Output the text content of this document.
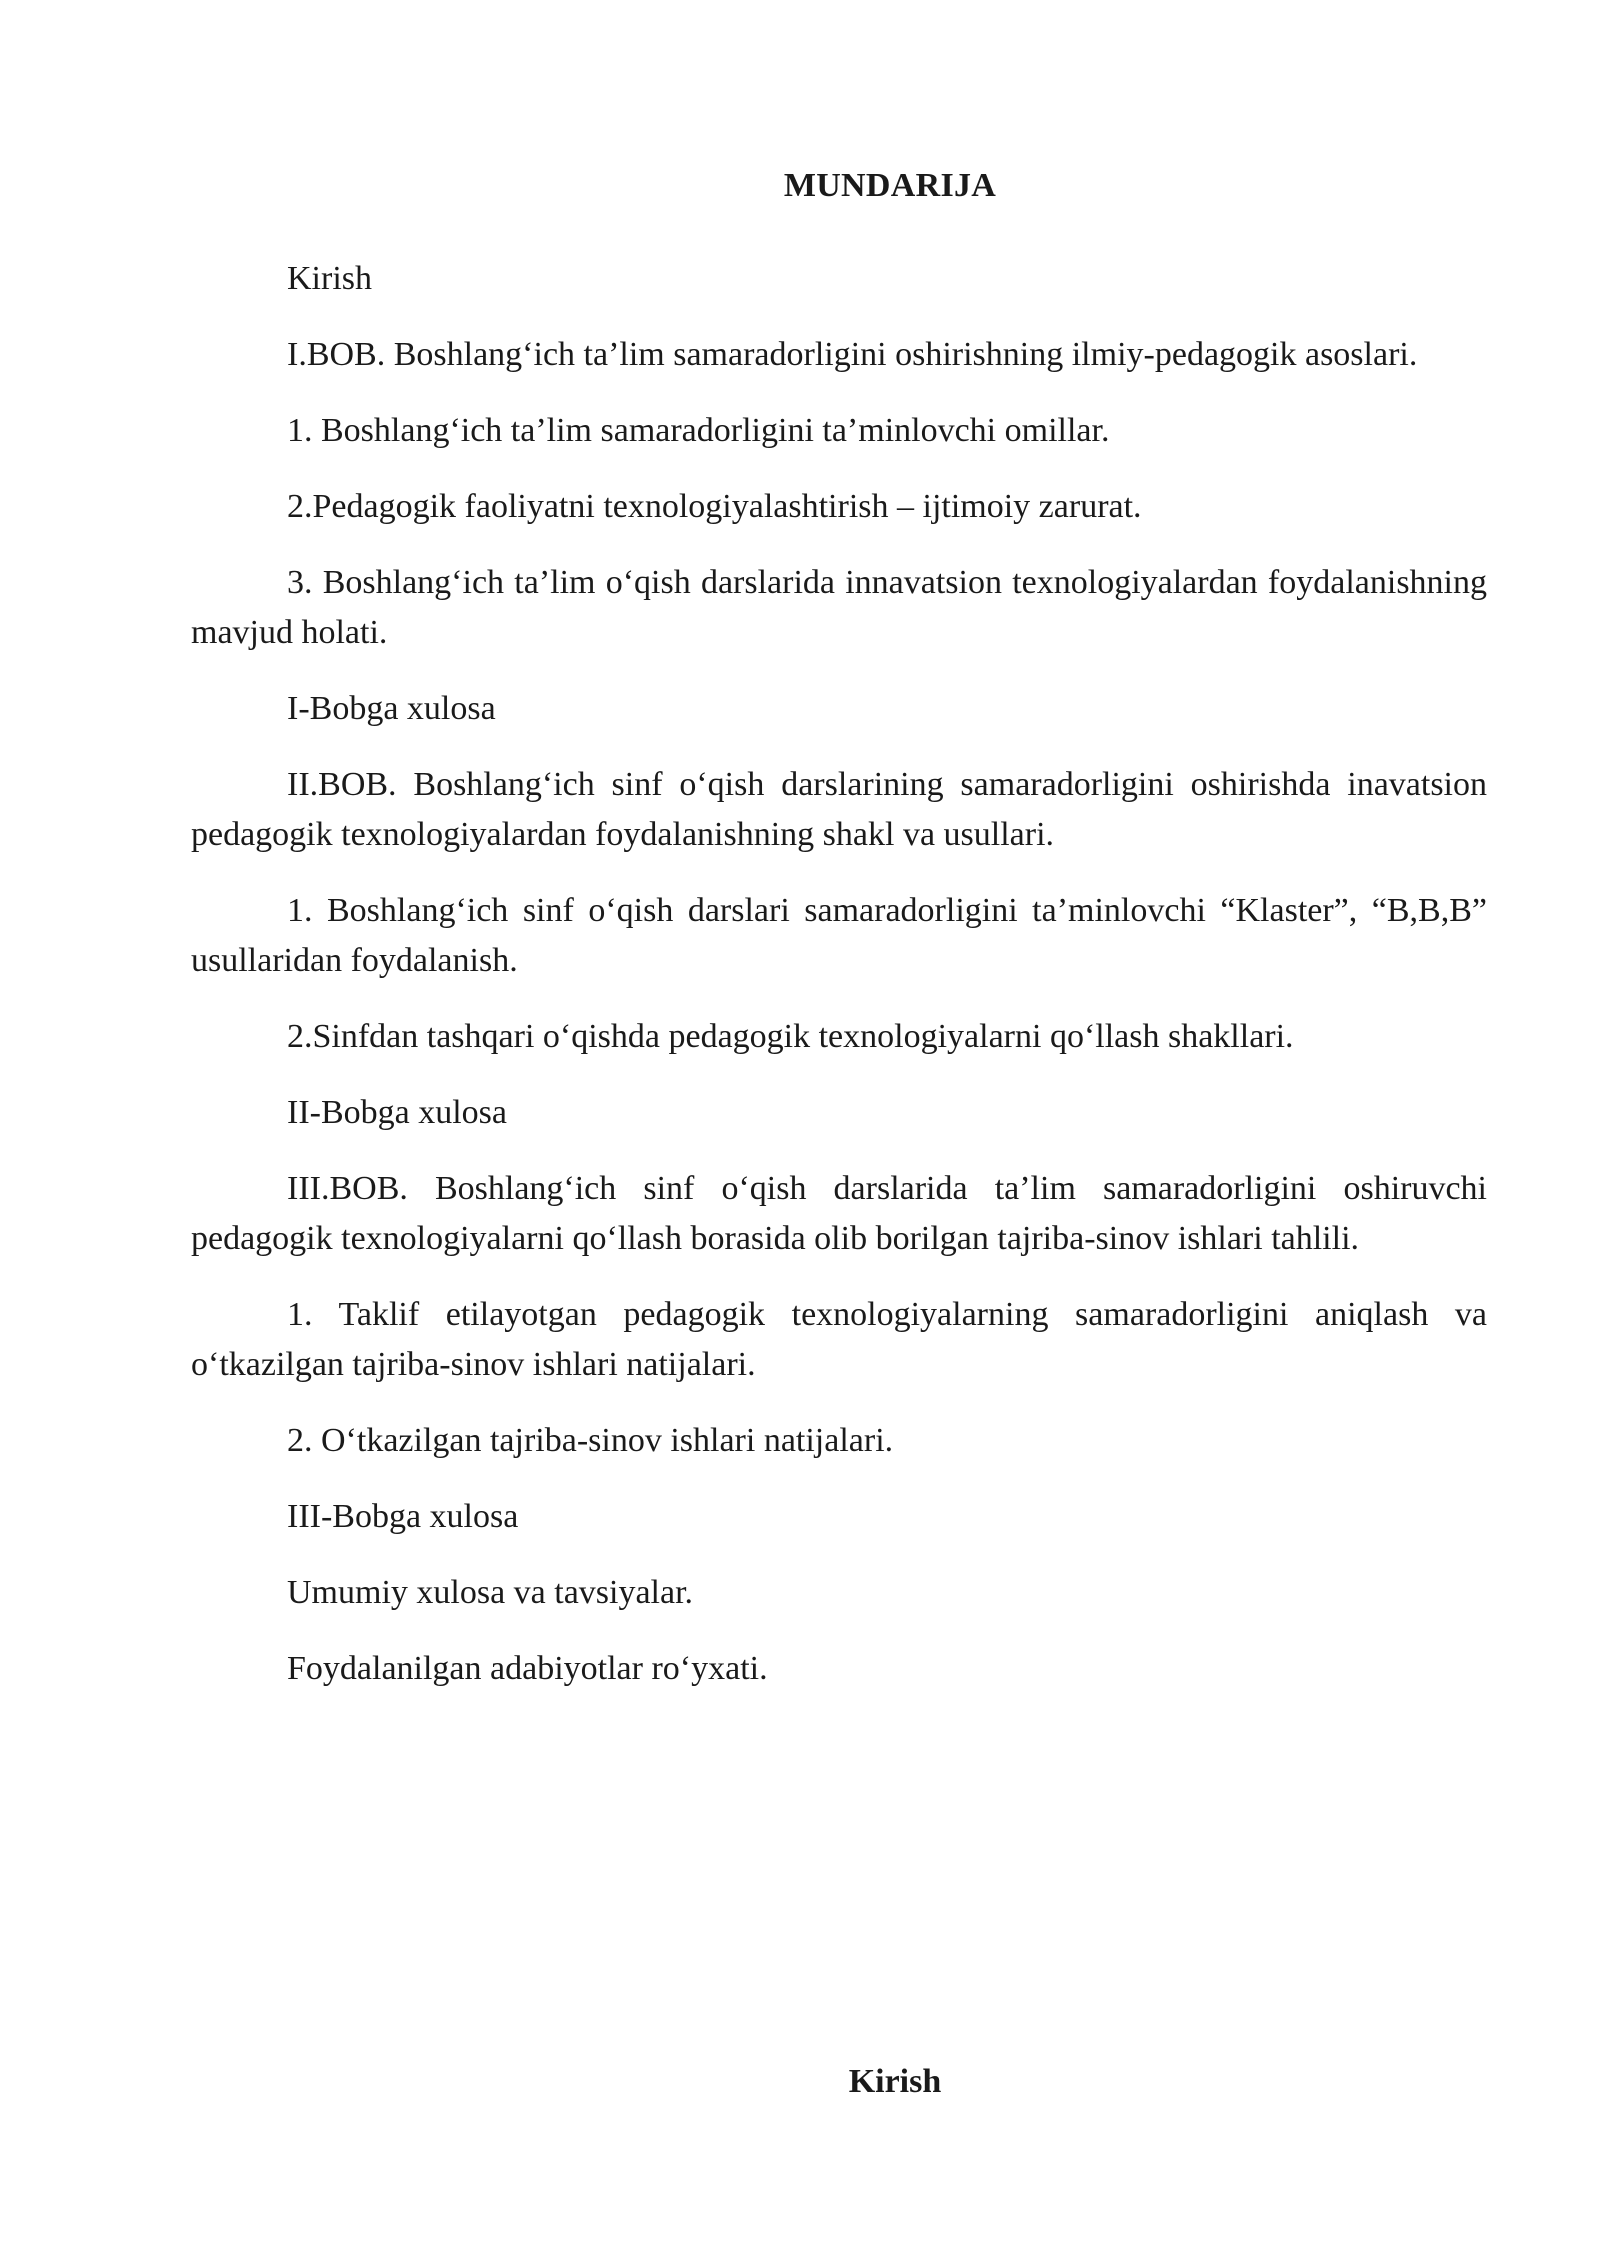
MUNDARIJA

Kirish

I.BOB. Boshlang‘ich ta’lim samaradorligini oshirishning ilmiy-pedagogik asoslari.

1. Boshlang‘ich ta’lim samaradorligini ta’minlovchi omillar.

2.Pedagogik faoliyatni texnologiyalashtirish – ijtimoiy zarurat.

3. Boshlang‘ich ta’lim o‘qish darslarida innavatsion texnologiyalardan foydalanishning mavjud holati.

I-Bobga xulosa

II.BOB. Boshlang‘ich sinf o‘qish darslarining samaradorligini oshirishda inavatsion pedagogik texnologiyalardan foydalanishning shakl va usullari.

1. Boshlang‘ich sinf o‘qish darslari samaradorligini ta’minlovchi “Klaster”, “B,B,B” usullaridan foydalanish.

2.Sinfdan tashqari o‘qishda pedagogik texnologiyalarni qo‘llash shakllari.

II-Bobga xulosa

III.BOB. Boshlang‘ich sinf o‘qish darslarida ta’lim samaradorligini oshiruvchi pedagogik texnologiyalarni qo‘llash borasida olib borilgan tajriba-sinov ishlari tahlili.

1. Taklif etilayotgan pedagogik texnologiyalarning samaradorligini aniqlash va o‘tkazilgan tajriba-sinov ishlari natijalari.

2. O‘tkazilgan tajriba-sinov ishlari natijalari.

III-Bobga xulosa

Umumiy xulosa va tavsiyalar.

Foydalanilgan adabiyotlar ro‘yxati.

Kirish
